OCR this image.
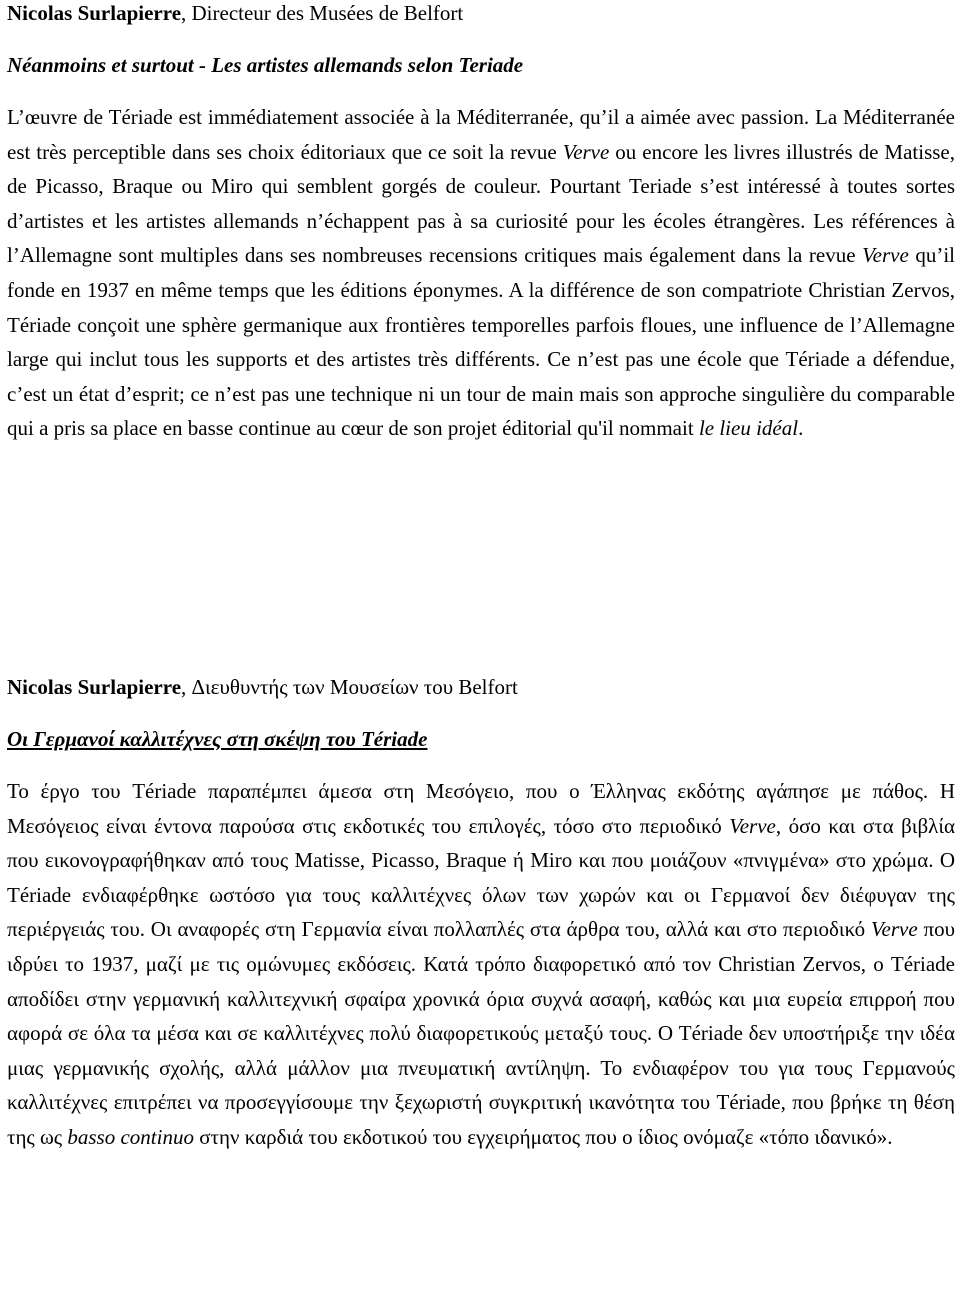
Nicolas Surlapierre, Directeur des Musées de Belfort

Néanmoins et surtout - Les artistes allemands selon Teriade

L’œuvre de Tériade est immédiatement associée à la Méditerranée, qu’il a aimée avec passion. La Méditerranée est très perceptible dans ses choix éditoriaux que ce soit la revue Verve ou encore les livres illustrés de Matisse, de Picasso, Braque ou Miro qui semblent gorgés de couleur. Pourtant Teriade s’est intéressé à toutes sortes d’artistes et les artistes allemands n’échappent pas à sa curiosité pour les écoles étrangères. Les références à l’Allemagne sont multiples dans ses nombreuses recensions critiques mais également dans la revue Verve qu’il fonde en 1937 en même temps que les éditions éponymes. A la différence de son compatriote Christian Zervos, Tériade conçoit une sphère germanique aux frontières temporelles parfois floues, une influence de l’Allemagne large qui inclut tous les supports et des artistes très différents. Ce n’est pas une école que Tériade a défendue, c’est un état d’esprit; ce n’est pas une technique ni un tour de main mais son approche singulière du comparable qui a pris sa place en basse continue au cœur de son projet éditorial qu'il nommait le lieu idéal.

Nicolas Surlapierre, Διευθυντής των Μουσείων του Belfort

Οι Γερμανοί καλλιτέχνες στη σκέψη του Tériade

Το έργο του Tériade παραπέμπει άμεσα στη Μεσόγειο, που ο Έλληνας εκδότης αγάπησε με πάθος. Η Μεσόγειος είναι έντονα παρούσα στις εκδοτικές του επιλογές, τόσο στο περιοδικό Verve, όσο και στα βιβλία που εικονογραφήθηκαν από τους Matisse, Picasso, Braque ή Miro και που μοιάζουν «πνιγμένα» στο χρώμα. Ο Tériade ενδιαφέρθηκε ωστόσο για τους καλλιτέχνες όλων των χωρών και οι Γερμανοί δεν διέφυγαν της περιέργειάς του. Οι αναφορές στη Γερμανία είναι πολλαπλές στα άρθρα του, αλλά και στο περιοδικό Verve που ιδρύει το 1937, μαζί με τις ομώνυμες εκδόσεις. Κατά τρόπο διαφορετικό από τον Christian Zervos, ο Tériade αποδίδει στην γερμανική καλλιτεχνική σφαίρα χρονικά όρια συχνά ασαφή, καθώς και μια ευρεία επιρροή που αφορά σε όλα τα μέσα και σε καλλιτέχνες πολύ διαφορετικούς μεταξύ τους. Ο Tériade δεν υποστήριξε την ιδέα μιας γερμανικής σχολής, αλλά μάλλον μια πνευματική αντίληψη. Το ενδιαφέρον του για τους Γερμανούς καλλιτέχνες επιτρέπει να προσεγγίσουμε την ξεχωριστή συγκριτική ικανότητα του Tériade, που βρήκε τη θέση της ως basso continuo στην καρδιά του εκδοτικού του εγχειρήματος που ο ίδιος ονόμαζε «τόπο ιδανικό».
